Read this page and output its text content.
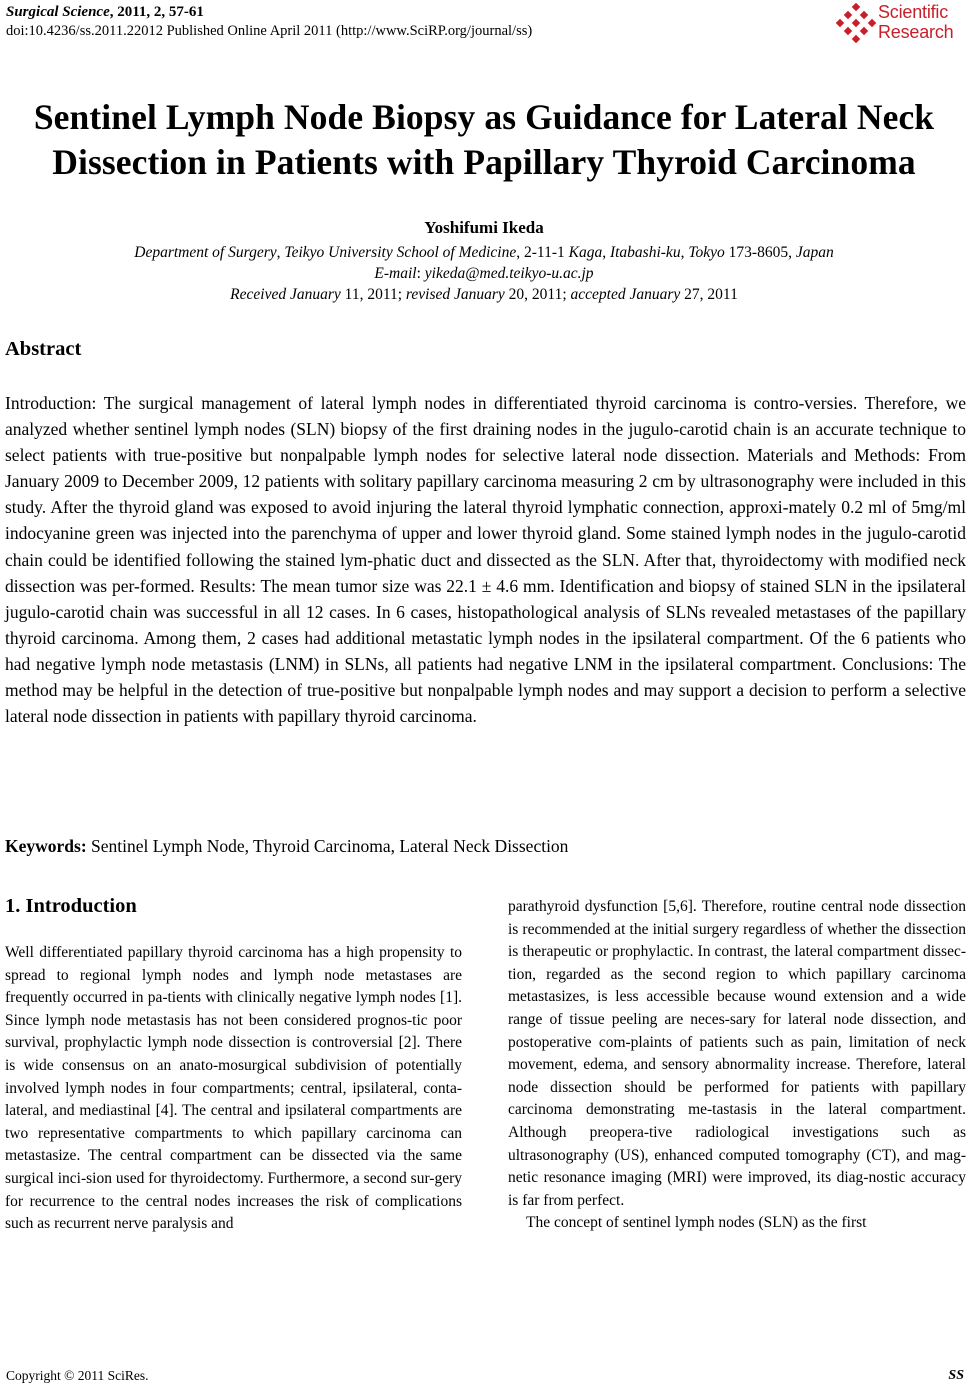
Surgical Science, 2011, 2, 57-61
doi:10.4236/ss.2011.22012 Published Online April 2011 (http://www.SciRP.org/journal/ss)
Scientific
Research
Sentinel Lymph Node Biopsy as Guidance for Lateral Neck
Dissection in Patients with Papillary Thyroid Carcinoma
Yoshifumi Ikeda
Department of Surgery, Teikyo University School of Medicine, 2-11-1 Kaga, Itabashi-ku, Tokyo 173-8605, Japan
E-mail: yikeda@med.teikyo-u.ac.jp
Received January 11, 2011; revised January 20, 2011; accepted January 27, 2011
Abstract
Introduction: The surgical management of lateral lymph nodes in differentiated thyroid carcinoma is contro-versies. Therefore, we analyzed whether sentinel lymph nodes (SLN) biopsy of the first draining nodes in the jugulo-carotid chain is an accurate technique to select patients with true-positive but nonpalpable lymph nodes for selective lateral node dissection. Materials and Methods: From January 2009 to December 2009, 12 patients with solitary papillary carcinoma measuring 2 cm by ultrasonography were included in this study. After the thyroid gland was exposed to avoid injuring the lateral thyroid lymphatic connection, approxi-mately 0.2 ml of 5mg/ml indocyanine green was injected into the parenchyma of upper and lower thyroid gland. Some stained lymph nodes in the jugulo-carotid chain could be identified following the stained lym-phatic duct and dissected as the SLN. After that, thyroidectomy with modified neck dissection was per-formed. Results: The mean tumor size was 22.1 ± 4.6 mm. Identification and biopsy of stained SLN in the ipsilateral jugulo-carotid chain was successful in all 12 cases. In 6 cases, histopathological analysis of SLNs revealed metastases of the papillary thyroid carcinoma. Among them, 2 cases had additional metastatic lymph nodes in the ipsilateral compartment. Of the 6 patients who had negative lymph node metastasis (LNM) in SLNs, all patients had negative LNM in the ipsilateral compartment. Conclusions: The method may be helpful in the detection of true-positive but nonpalpable lymph nodes and may support a decision to perform a selective lateral node dissection in patients with papillary thyroid carcinoma.
Keywords: Sentinel Lymph Node, Thyroid Carcinoma, Lateral Neck Dissection
1. Introduction

Well differentiated papillary thyroid carcinoma has a high propensity to spread to regional lymph nodes and lymph node metastases are frequently occurred in pa-tients with clinically negative lymph nodes [1]. Since lymph node metastasis has not been considered prognos-tic poor survival, prophylactic lymph node dissection is controversial [2]. There is wide consensus on an anato-mosurgical subdivision of potentially involved lymph nodes in four compartments; central, ipsilateral, conta-lateral, and mediastinal [4]. The central and ipsilateral compartments are two representative compartments to which papillary carcinoma can metastasize. The central compartment can be dissected via the same surgical inci-sion used for thyroidectomy. Furthermore, a second sur-gery for recurrence to the central nodes increases the risk of complications such as recurrent nerve paralysis and

parathyroid dysfunction [5,6]. Therefore, routine central node dissection is recommended at the initial surgery regardless of whether the dissection is therapeutic or prophylactic. In contrast, the lateral compartment dissec-tion, regarded as the second region to which papillary carcinoma metastasizes, is less accessible because wound extension and a wide range of tissue peeling are neces-sary for lateral node dissection, and postoperative com-plaints of patients such as pain, limitation of neck movement, edema, and sensory abnormality increase. Therefore, lateral node dissection should be performed for patients with papillary carcinoma demonstrating me-tastasis in the lateral compartment. Although preopera-tive radiological investigations such as ultrasonography (US), enhanced computed tomography (CT), and mag-netic resonance imaging (MRI) were improved, its diag-nostic accuracy is far from perfect.

The concept of sentinel lymph nodes (SLN) as the first

Copyright © 2011 SciRes.	SS
